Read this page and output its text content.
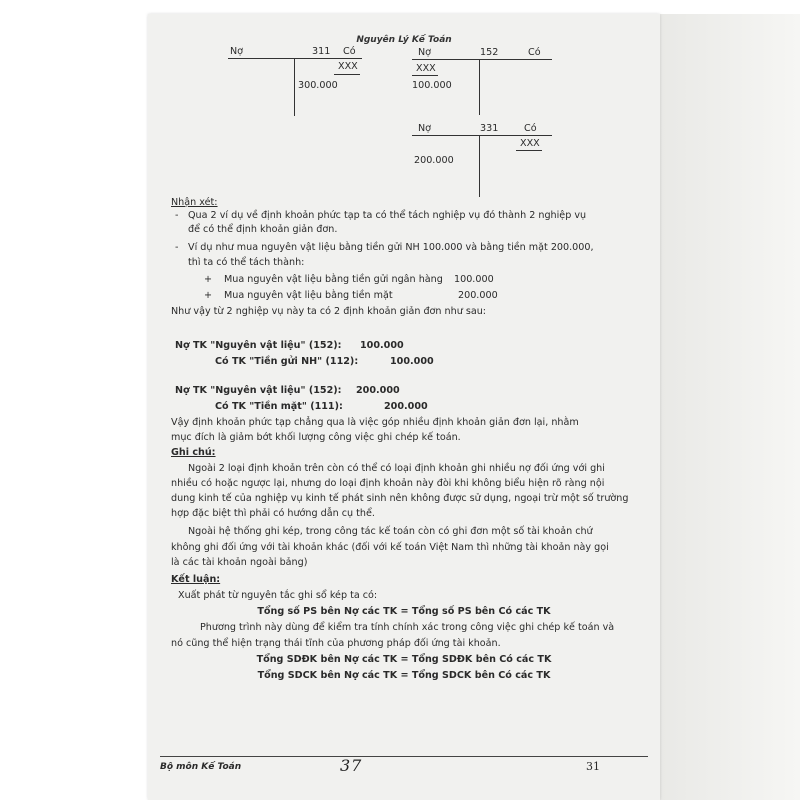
Nguyên Lý Kế Toán
Nợ	311 Có
XXX
300.000
Nợ	152	Có
XXX
100.000
Nợ	331	Có
XXX
200.000
Nhận xét:
- Qua 2 ví dụ về định khoản phức tạp ta có thể tách nghiệp vụ đó thành 2 nghiệp vụ
để có thể định khoản giản đơn.
- Ví dụ như mua nguyên vật liệu bằng tiền gửi NH 100.000 và bằng tiền mặt 200.000,
thì ta có thể tách thành:
+ Mua nguyên vật liệu bằng tiền gửi ngân hàng 100.000
+ Mua nguyên vật liệu bằng tiền mặt	200.000
Như vậy từ 2 nghiệp vụ này ta có 2 định khoản giản đơn như sau:
Nợ TK "Nguyên vật liệu" (152): 100.000
Có TK "Tiền gửi NH" (112):	100.000
Nợ TK "Nguyên vật liệu" (152): 200.000
Có TK "Tiền mặt" (111):	200.000
Vậy định khoản phức tạp chẳng qua là việc góp nhiều định khoản giản đơn lại, nhằm
mục đích là giảm bớt khối lượng công việc ghi chép kế toán.
Ghi chú:
Ngoài 2 loại định khoản trên còn có thể có loại định khoản ghi nhiều nợ đối ứng với ghi
nhiều có hoặc ngược lại, nhưng do loại định khoản này đòi khi không biểu hiện rõ ràng nội
dung kinh tế của nghiệp vụ kinh tế phát sinh nên không được sử dụng, ngoại trừ một số trường
hợp đặc biệt thì phải có hướng dẫn cụ thể.
Ngoài hệ thống ghi kép, trong công tác kế toán còn có ghi đơn một số tài khoản chứ
không ghi đối ứng với tài khoản khác (đối với kế toán Việt Nam thì những tài khoản này gọi
là các tài khoản ngoài bảng)
Kết luận:
Xuất phát từ nguyên tắc ghi sổ kép ta có:
Tổng số PS bên Nợ các TK = Tổng số PS bên Có các TK
Phương trình này dùng để kiểm tra tính chính xác trong công việc ghi chép kế toán và
nó cũng thể hiện trạng thái tĩnh của phương pháp đối ứng tài khoản.
Tổng SDĐK bên Nợ các TK = Tổng SDĐK bên Có các TK
Tổng SDCK bên Nợ các TK = Tổng SDCK bên Có các TK
Bộ môn Kế Toán	37	31
